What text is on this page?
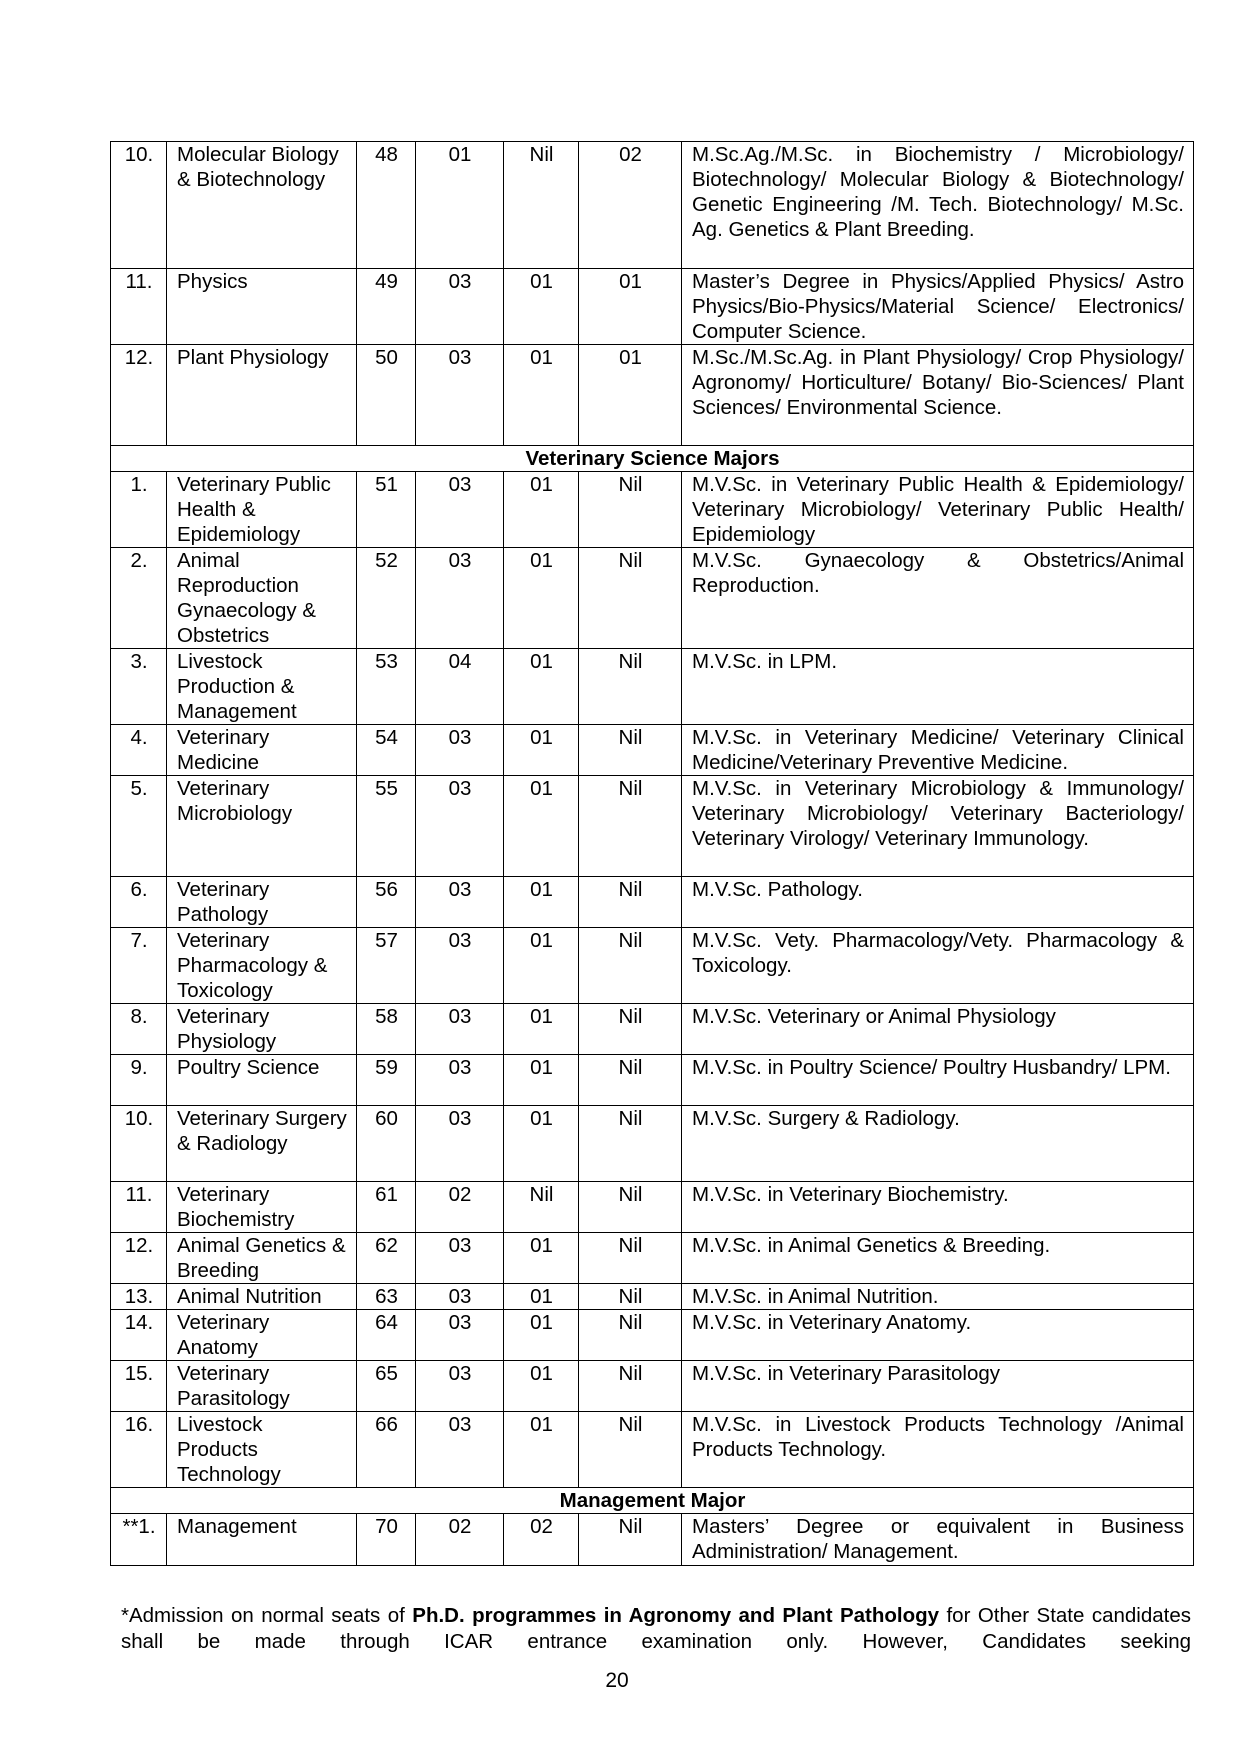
10.	Molecular Biology & Biotechnology	48	01	Nil	02	M.Sc.Ag./M.Sc. in Biochemistry / Microbiology/ Biotechnology/ Molecular Biology & Biotechnology/ Genetic Engineering /M. Tech. Biotechnology/ M.Sc. Ag. Genetics & Plant Breeding.
11.	Physics	49	03	01	01	Master’s Degree in Physics/Applied Physics/ Astro Physics/Bio-Physics/Material Science/ Electronics/ Computer Science.
12.	Plant Physiology	50	03	01	01	M.Sc./M.Sc.Ag. in Plant Physiology/ Crop Physiology/ Agronomy/ Horticulture/ Botany/ Bio-Sciences/ Plant Sciences/ Environmental Science.
Veterinary Science Majors						
1.	Veterinary Public Health & Epidemiology	51	03	01	Nil	M.V.Sc. in Veterinary Public Health & Epidemiology/ Veterinary Microbiology/ Veterinary Public Health/ Epidemiology
2.	Animal Reproduction Gynaecology & Obstetrics	52	03	01	Nil	M.V.Sc. Gynaecology & Obstetrics/Animal Reproduction.
3.	Livestock Production & Management	53	04	01	Nil	M.V.Sc. in LPM.
4.	Veterinary Medicine	54	03	01	Nil	M.V.Sc. in Veterinary Medicine/ Veterinary Clinical Medicine/Veterinary Preventive Medicine.
5.	Veterinary Microbiology	55	03	01	Nil	M.V.Sc. in Veterinary Microbiology & Immunology/ Veterinary Microbiology/ Veterinary Bacteriology/ Veterinary Virology/ Veterinary Immunology.
6.	Veterinary Pathology	56	03	01	Nil	M.V.Sc. Pathology.
7.	Veterinary Pharmacology & Toxicology	57	03	01	Nil	M.V.Sc. Vety. Pharmacology/Vety. Pharmacology & Toxicology.
8.	Veterinary Physiology	58	03	01	Nil	M.V.Sc. Veterinary or Animal Physiology
9.	Poultry Science	59	03	01	Nil	M.V.Sc. in Poultry Science/ Poultry Husbandry/ LPM.
10.	Veterinary Surgery & Radiology	60	03	01	Nil	M.V.Sc. Surgery & Radiology.
11.	Veterinary Biochemistry	61	02	Nil	Nil	M.V.Sc. in Veterinary Biochemistry.
12.	Animal Genetics & Breeding	62	03	01	Nil	M.V.Sc. in Animal Genetics & Breeding.
13.	Animal Nutrition	63	03	01	Nil	M.V.Sc. in Animal Nutrition.
14.	Veterinary Anatomy	64	03	01	Nil	M.V.Sc. in Veterinary Anatomy.
15.	Veterinary Parasitology	65	03	01	Nil	M.V.Sc. in Veterinary Parasitology
16.	Livestock Products Technology	66	03	01	Nil	M.V.Sc. in Livestock Products Technology /Animal Products Technology.
Management Major						
**1.	Management	70	02	02	Nil	Masters’ Degree or equivalent in Business Administration/ Management.
*Admission on normal seats of Ph.D. programmes in Agronomy and Plant Pathology for Other State candidates shall be made through ICAR entrance examination only. However, Candidates seeking
20
